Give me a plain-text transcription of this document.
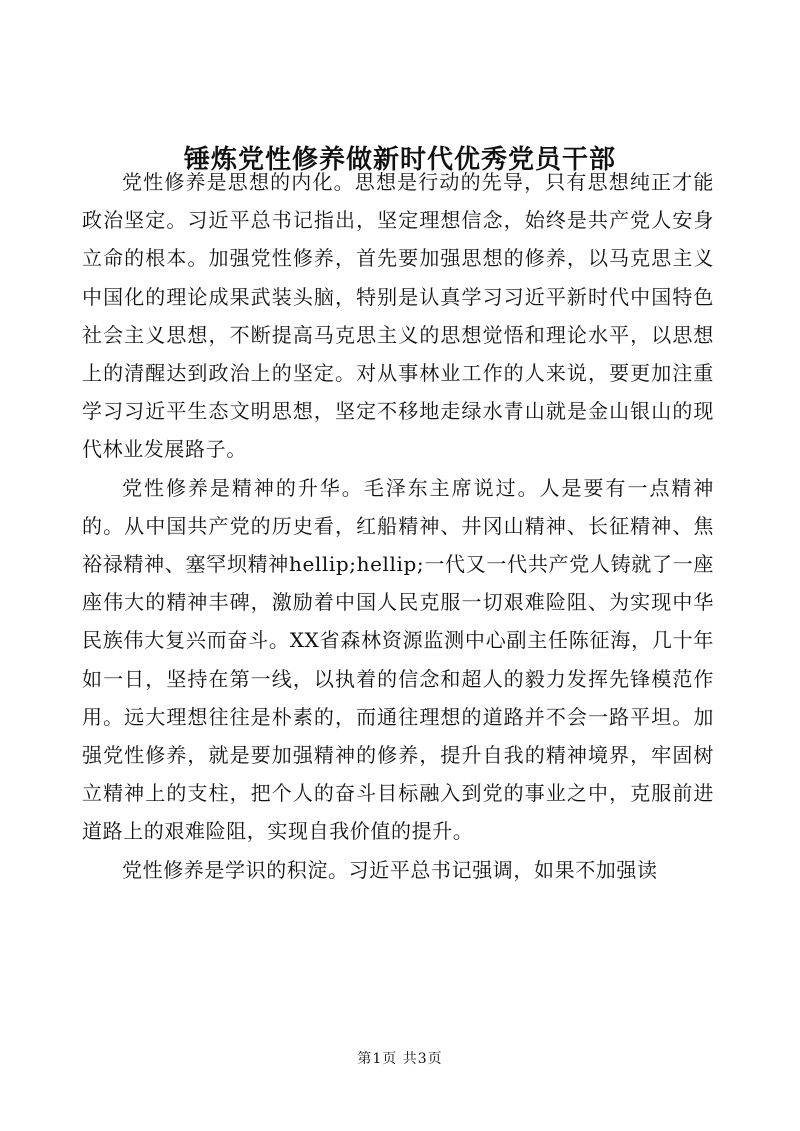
锤炼党性修养做新时代优秀党员干部

党性修养是思想的内化。思想是行动的先导，只有思想纯正才能政治坚定。习近平总书记指出，坚定理想信念，始终是共产党人安身立命的根本。加强党性修养，首先要加强思想的修养，以马克思主义中国化的理论成果武装头脑，特别是认真学习习近平新时代中国特色社会主义思想，不断提高马克思主义的思想觉悟和理论水平，以思想上的清醒达到政治上的坚定。对从事林业工作的人来说，要更加注重学习习近平生态文明思想，坚定不移地走绿水青山就是金山银山的现代林业发展路子。

党性修养是精神的升华。毛泽东主席说过。人是要有一点精神的。从中国共产党的历史看，红船精神、井冈山精神、长征精神、焦裕禄精神、塞罕坝精神hellip;hellip;一代又一代共产党人铸就了一座座伟大的精神丰碑，激励着中国人民克服一切艰难险阻、为实现中华民族伟大复兴而奋斗。XX省森林资源监测中心副主任陈征海，几十年如一日，坚持在第一线，以执着的信念和超人的毅力发挥先锋模范作用。远大理想往往是朴素的，而通往理想的道路并不会一路平坦。加强党性修养，就是要加强精神的修养，提升自我的精神境界，牢固树立精神上的支柱，把个人的奋斗目标融入到党的事业之中，克服前进道路上的艰难险阻，实现自我价值的提升。

党性修养是学识的积淀。习近平总书记强调，如果不加强读

第1页 共3页
